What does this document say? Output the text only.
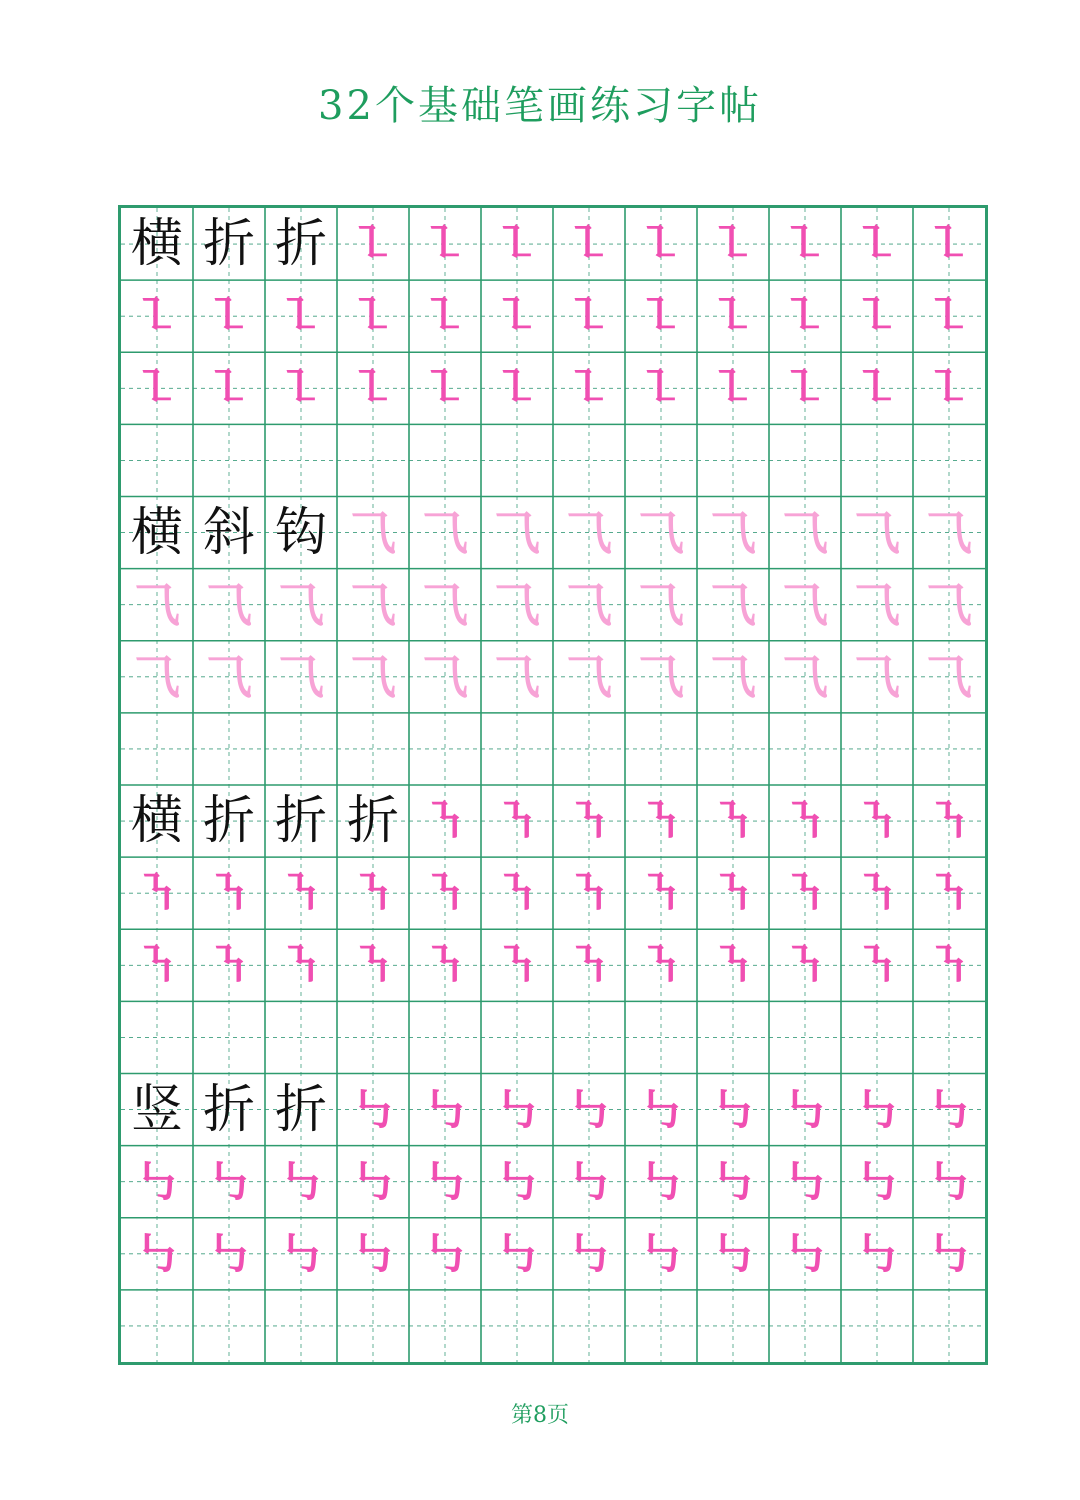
32个基础笔画练习字帖
横 折 折 ㇅ ㇅ ㇅ ㇅ ㇅ ㇅ ㇅ ㇅ ㇅
㇅ ㇅ ㇅ ㇅ ㇅ ㇅ ㇅ ㇅ ㇅ ㇅ ㇅ ㇅
㇅ ㇅ ㇅ ㇅ ㇅ ㇅ ㇅ ㇅ ㇅ ㇅ ㇅ ㇅
横 斜 钩 ⺄ ⺄ ⺄ ⺄ ⺄ ⺄ ⺄ ⺄ ⺄
⺄ ⺄ ⺄ ⺄ ⺄ ⺄ ⺄ ⺄ ⺄ ⺄ ⺄ ⺄
⺄ ⺄ ⺄ ⺄ ⺄ ⺄ ⺄ ⺄ ⺄ ⺄ ⺄ ⺄
横 折 折 折 ㇎ ㇎ ㇎ ㇎ ㇎ ㇎ ㇎ ㇎
㇎ ㇎ ㇎ ㇎ ㇎ ㇎ ㇎ ㇎ ㇎ ㇎ ㇎ ㇎
㇎ ㇎ ㇎ ㇎ ㇎ ㇎ ㇎ ㇎ ㇎ ㇎ ㇎ ㇎
竖 折 折 ㇉ ㇉ ㇉ ㇉ ㇉ ㇉ ㇉ ㇉ ㇉
㇉ ㇉ ㇉ ㇉ ㇉ ㇉ ㇉ ㇉ ㇉ ㇉ ㇉ ㇉
㇉ ㇉ ㇉ ㇉ ㇉ ㇉ ㇉ ㇉ ㇉ ㇉ ㇉ ㇉
第8页
